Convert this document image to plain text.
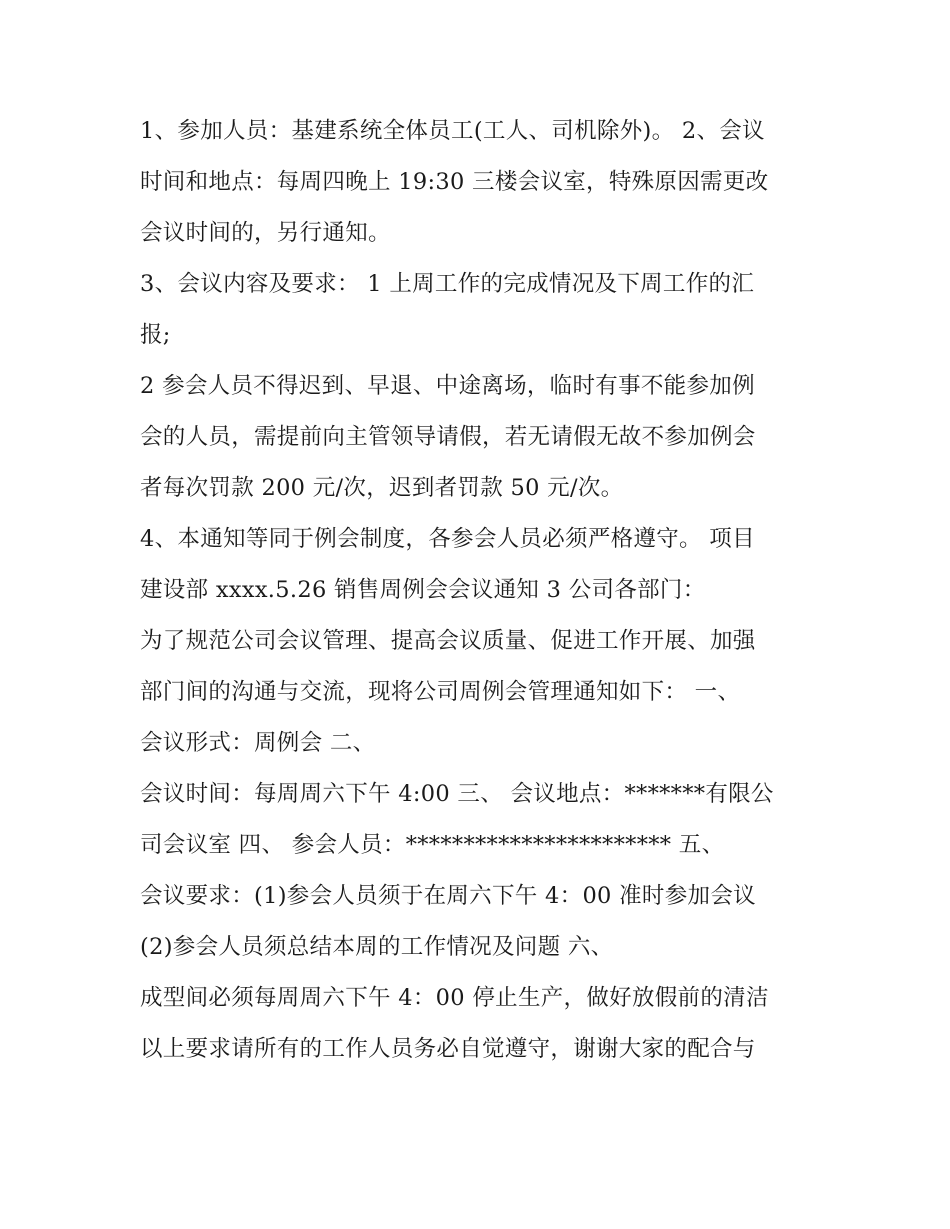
1、参加人员：基建系统全体员工(工人、司机除外)。 2、会议
时间和地点：每周四晚上 19:30 三楼会议室，特殊原因需更改
会议时间的，另行通知。
3、会议内容及要求： 1 上周工作的完成情况及下周工作的汇
报;
2 参会人员不得迟到、早退、中途离场，临时有事不能参加例
会的人员，需提前向主管领导请假，若无请假无故不参加例会
者每次罚款 200 元/次，迟到者罚款 50 元/次。
4、本通知等同于例会制度，各参会人员必须严格遵守。 项目
建设部 xxxx.5.26 销售周例会会议通知 3 公司各部门：
为了规范公司会议管理、提高会议质量、促进工作开展、加强
部门间的沟通与交流，现将公司周例会管理通知如下： 一、
会议形式：周例会 二、
会议时间：每周周六下午 4:00 三、 会议地点：*******有限公
司会议室 四、 参会人员：*********************** 五、
会议要求：(1)参会人员须于在周六下午 4：00 准时参加会议
(2)参会人员须总结本周的工作情况及问题 六、
成型间必须每周周六下午 4：00 停止生产，做好放假前的清洁
以上要求请所有的工作人员务必自觉遵守，谢谢大家的配合与
